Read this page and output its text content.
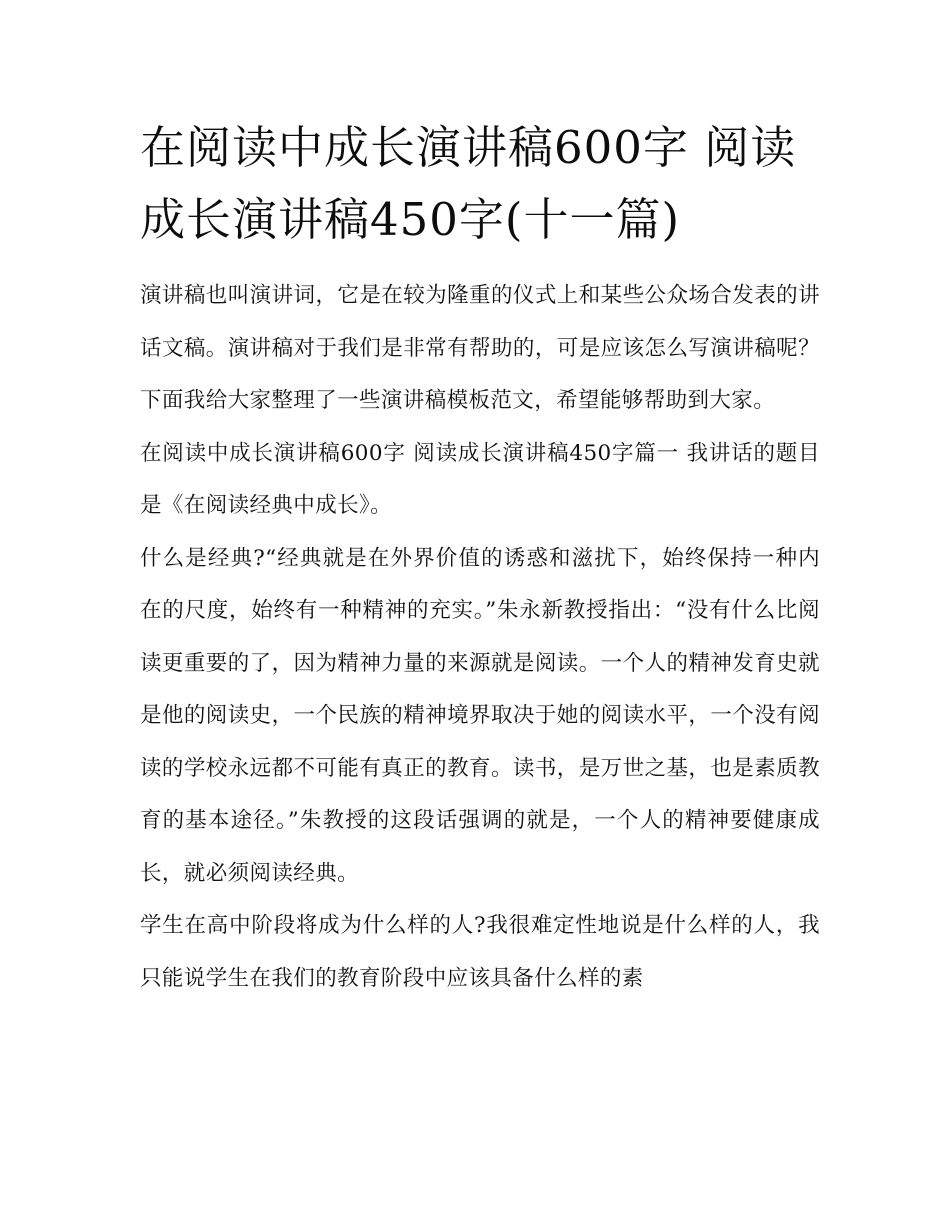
在阅读中成长演讲稿600字 阅读成长演讲稿450字(十一篇)

演讲稿也叫演讲词，它是在较为隆重的仪式上和某些公众场合发表的讲话文稿。演讲稿对于我们是非常有帮助的，可是应该怎么写演讲稿呢？下面我给大家整理了一些演讲稿模板范文，希望能够帮助到大家。

在阅读中成长演讲稿600字 阅读成长演讲稿450字篇一 我讲话的题目是《在阅读经典中成长》。

什么是经典?“经典就是在外界价值的诱惑和滋扰下，始终保持一种内在的尺度，始终有一种精神的充实。”朱永新教授指出：“没有什么比阅读更重要的了，因为精神力量的来源就是阅读。一个人的精神发育史就是他的阅读史，一个民族的精神境界取决于她的阅读水平，一个没有阅读的学校永远都不可能有真正的教育。读书，是万世之基，也是素质教育的基本途径。”朱教授的这段话强调的就是，一个人的精神要健康成长，就必须阅读经典。

学生在高中阶段将成为什么样的人?我很难定性地说是什么样的人，我只能说学生在我们的教育阶段中应该具备什么样的素
